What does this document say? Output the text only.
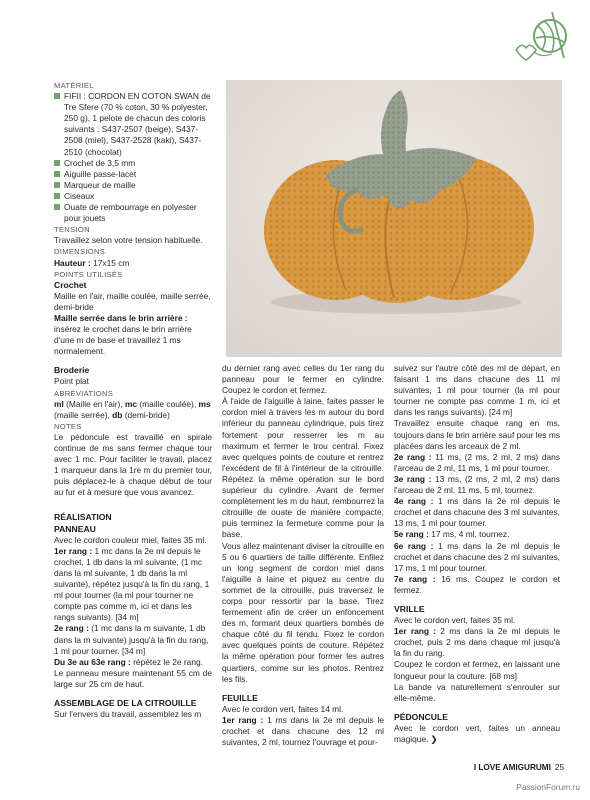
MATÉRIEL

FIFII : CORDON EN COTON SWAN de Tre Sfere (70 % coton, 30 % polyester, 250 g), 1 pelote de chacun des coloris suivants : S437-2507 (beige), S437-2508 (miel), S437-2528 (kaki), S437-2510 (chocolat)
Crochet de 3,5 mm
Aiguille passe-lacet
Marqueur de maille
Ciseaux
Ouate de rembourrage en polyester pour jouets

TENSION

Travaillez selon votre tension habituelle.

DIMENSIONS

Hauteur : 17x15 cm

POINTS UTILISÉS

Crochet

Maille en l'air, maille coulée, maille serrée, demi-bride

Maille serrée dans le brin arrière : insérez le crochet dans le brin arrière d'une m de base et travaillez 1 ms normalement.

Broderie

Point plat

ABRÉVIATIONS

ml (Maille en l'air), mc (maille coulée), ms (maille serrée), db (demi-bride)

NOTES

Le pédoncule est travaillé en spirale continue de ms sans fermer chaque tour avec 1 mc. Pour faciliter le travail, placez 1 marqueur dans la 1re m du premier tour, puis déplacez-le à chaque début de tour au fur et à mesure que vous avancez.

RÉALISATION

PANNEAU

Avec le cordon couleur miel, faites 35 ml.

1er rang : 1 mc dans la 2e ml depuis le crochet, 1 db dans la ml suivante, (1 mc dans la ml suivante, 1 db dans la ml suivante), répétez jusqu'à la fin du rang, 1 ml pour tourner (la ml pour tourner ne compte pas comme m, ici et dans les rangs suivants). [34 m]

2e rang : (1 mc dans la m suivante, 1 db dans la m suivante) jusqu'à la fin du rang, 1 ml pour tourner. [34 m]

Du 3e au 63e rang : répétez le 2e rang.

Le panneau mesure maintenant 55 cm de large sur 25 cm de haut.

ASSEMBLAGE DE LA CITROUILLE

Sur l'envers du travail, assemblez les m

du dernier rang avec celles du 1er rang du panneau pour le fermer en cylindre. Coupez le cordon et fermez.

À l'aide de l'aiguille à laine, faites passer le cordon miel à travers les m autour du bord inférieur du panneau cylindrique, puis tirez fortement pour resserrer les m au maximum et fermer le trou central. Fixez avec quelques points de couture et rentrez l'excédent de fil à l'intérieur de la citrouille. Répétez la même opération sur le bord supérieur du cylindre. Avant de fermer complètement les m du haut, rembourrez la citrouille de ouate de manière compacte, puis terminez la fermeture comme pour la base.

Vous allez maintenant diviser la citrouille en 5 ou 6 quartiers de taille différente. Enfilez un long segment de cordon miel dans l'aiguille à laine et piquez au centre du sommet de la citrouille, puis traversez le corps pour ressortir par la base. Tirez fermement afin de créer un enfoncement des m, formant deux quartiers bombés de chaque côté du fil tendu. Fixez le cordon avec quelques points de couture. Répétez la même opération pour former les autres quartiers, comme sur les photos. Rentrez les fils.

FEUILLE

Avec le cordon vert, faites 14 ml.

1er rang : 1 ms dans la 2e ml depuis le crochet et dans chacune des 12 ml suivantes, 2 ml, tournez l'ouvrage et pour-

suivez sur l'autre côté des ml de départ, en faisant 1 ms dans chacune des 11 ml suivantes, 1 ml pour tourner (la ml pour tourner ne compte pas comme 1 m, ici et dans les rangs suivants). [24 m]

Travaillez ensuite chaque rang en ms, toujours dans le brin arrière sauf pour les ms placées dans les arceaux de 2 ml.

2e rang : 11 ms, (2 ms, 2 ml, 2 ms) dans l'arceau de 2 ml, 11 ms, 1 ml pour tourner.

3e rang : 13 ms, (2 ms, 2 ml, 2 ms) dans l'arceau de 2 ml, 11 ms, 5 ml, tournez.

4e rang : 1 ms dans la 2e ml depuis le crochet et dans chacune des 3 ml suivantes, 13 ms, 1 ml pour tourner.

5e rang : 17 ms, 4 ml, tournez.

6e rang : 1 ms dans la 2e ml depuis le crochet et dans chacune des 2 ml suivantes, 17 ms, 1 ml pour tourner.

7e rang : 16 ms. Coupez le cordon et fermez.

VRILLE

Avec le cordon vert, faites 35 ml.

1er rang : 2 ms dans la 2e ml depuis le crochet, puis 2 ms dans chaque ml jusqu'à la fin du rang.

Coupez le cordon et fermez, en laissant une longueur pour la couture. [68 ms]

La bande va naturellement s'enrouler sur elle-même.

PÉDONCULE

Avec le cordon vert, faites un anneau magique. ❯

I LOVE AMIGURUMI 25
PassionForum.ru
